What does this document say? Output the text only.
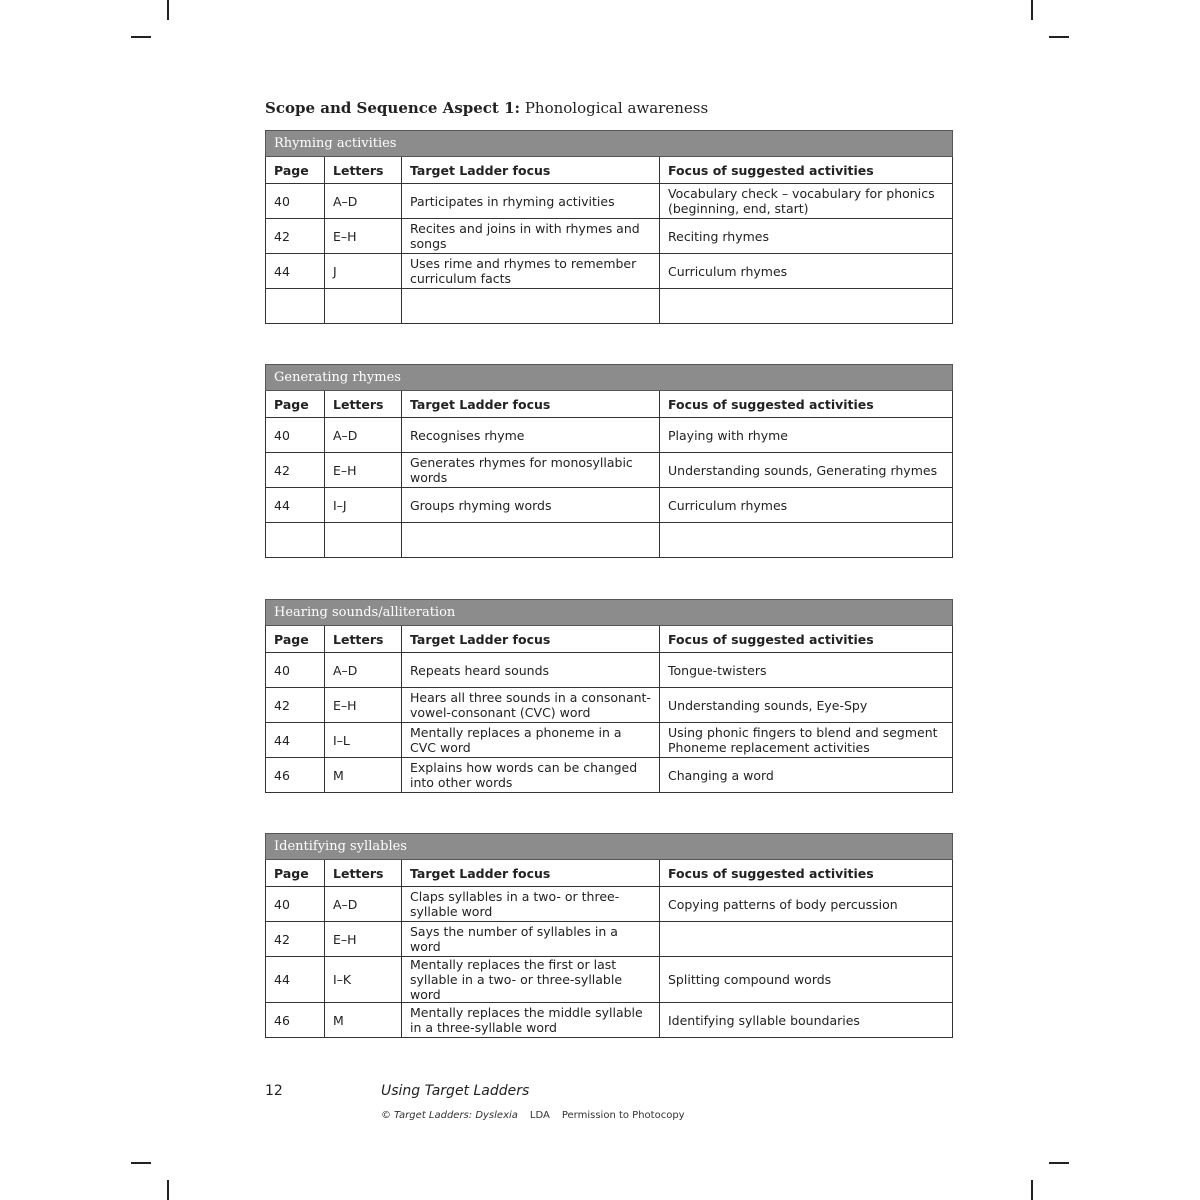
Scope and Sequence Aspect 1: Phonological awareness
Rhyming activities			
Page	Letters	Target Ladder focus	Focus of suggested activities
40	A–D	Participates in rhyming activities	Vocabulary check – vocabulary for phonics (beginning, end, start)
42	E–H	Recites and joins in with rhymes and songs	Reciting rhymes
44	J	Uses rime and rhymes to remember curriculum facts	Curriculum rhymes

Generating rhymes			
Page	Letters	Target Ladder focus	Focus of suggested activities
40	A–D	Recognises rhyme	Playing with rhyme
42	E–H	Generates rhymes for monosyllabic words	Understanding sounds, Generating rhymes
44	I–J	Groups rhyming words	Curriculum rhymes

Hearing sounds/alliteration			
Page	Letters	Target Ladder focus	Focus of suggested activities
40	A–D	Repeats heard sounds	Tongue-twisters
42	E–H	Hears all three sounds in a consonant-vowel-consonant (CVC) word	Understanding sounds, Eye-Spy
44	I–L	Mentally replaces a phoneme in a CVC word	Using phonic fingers to blend and segment Phoneme replacement activities
46	M	Explains how words can be changed into other words	Changing a word
Identifying syllables			
Page	Letters	Target Ladder focus	Focus of suggested activities
40	A–D	Claps syllables in a two- or three-syllable word	Copying patterns of body percussion
42	E–H	Says the number of syllables in a word	
44	I–K	Mentally replaces the first or last syllable in a two- or three-syllable word	Splitting compound words
46	M	Mentally replaces the middle syllable in a three-syllable word	Identifying syllable boundaries
12	Using Target Ladders
© Target Ladders: Dyslexia LDA Permission to Photocopy
